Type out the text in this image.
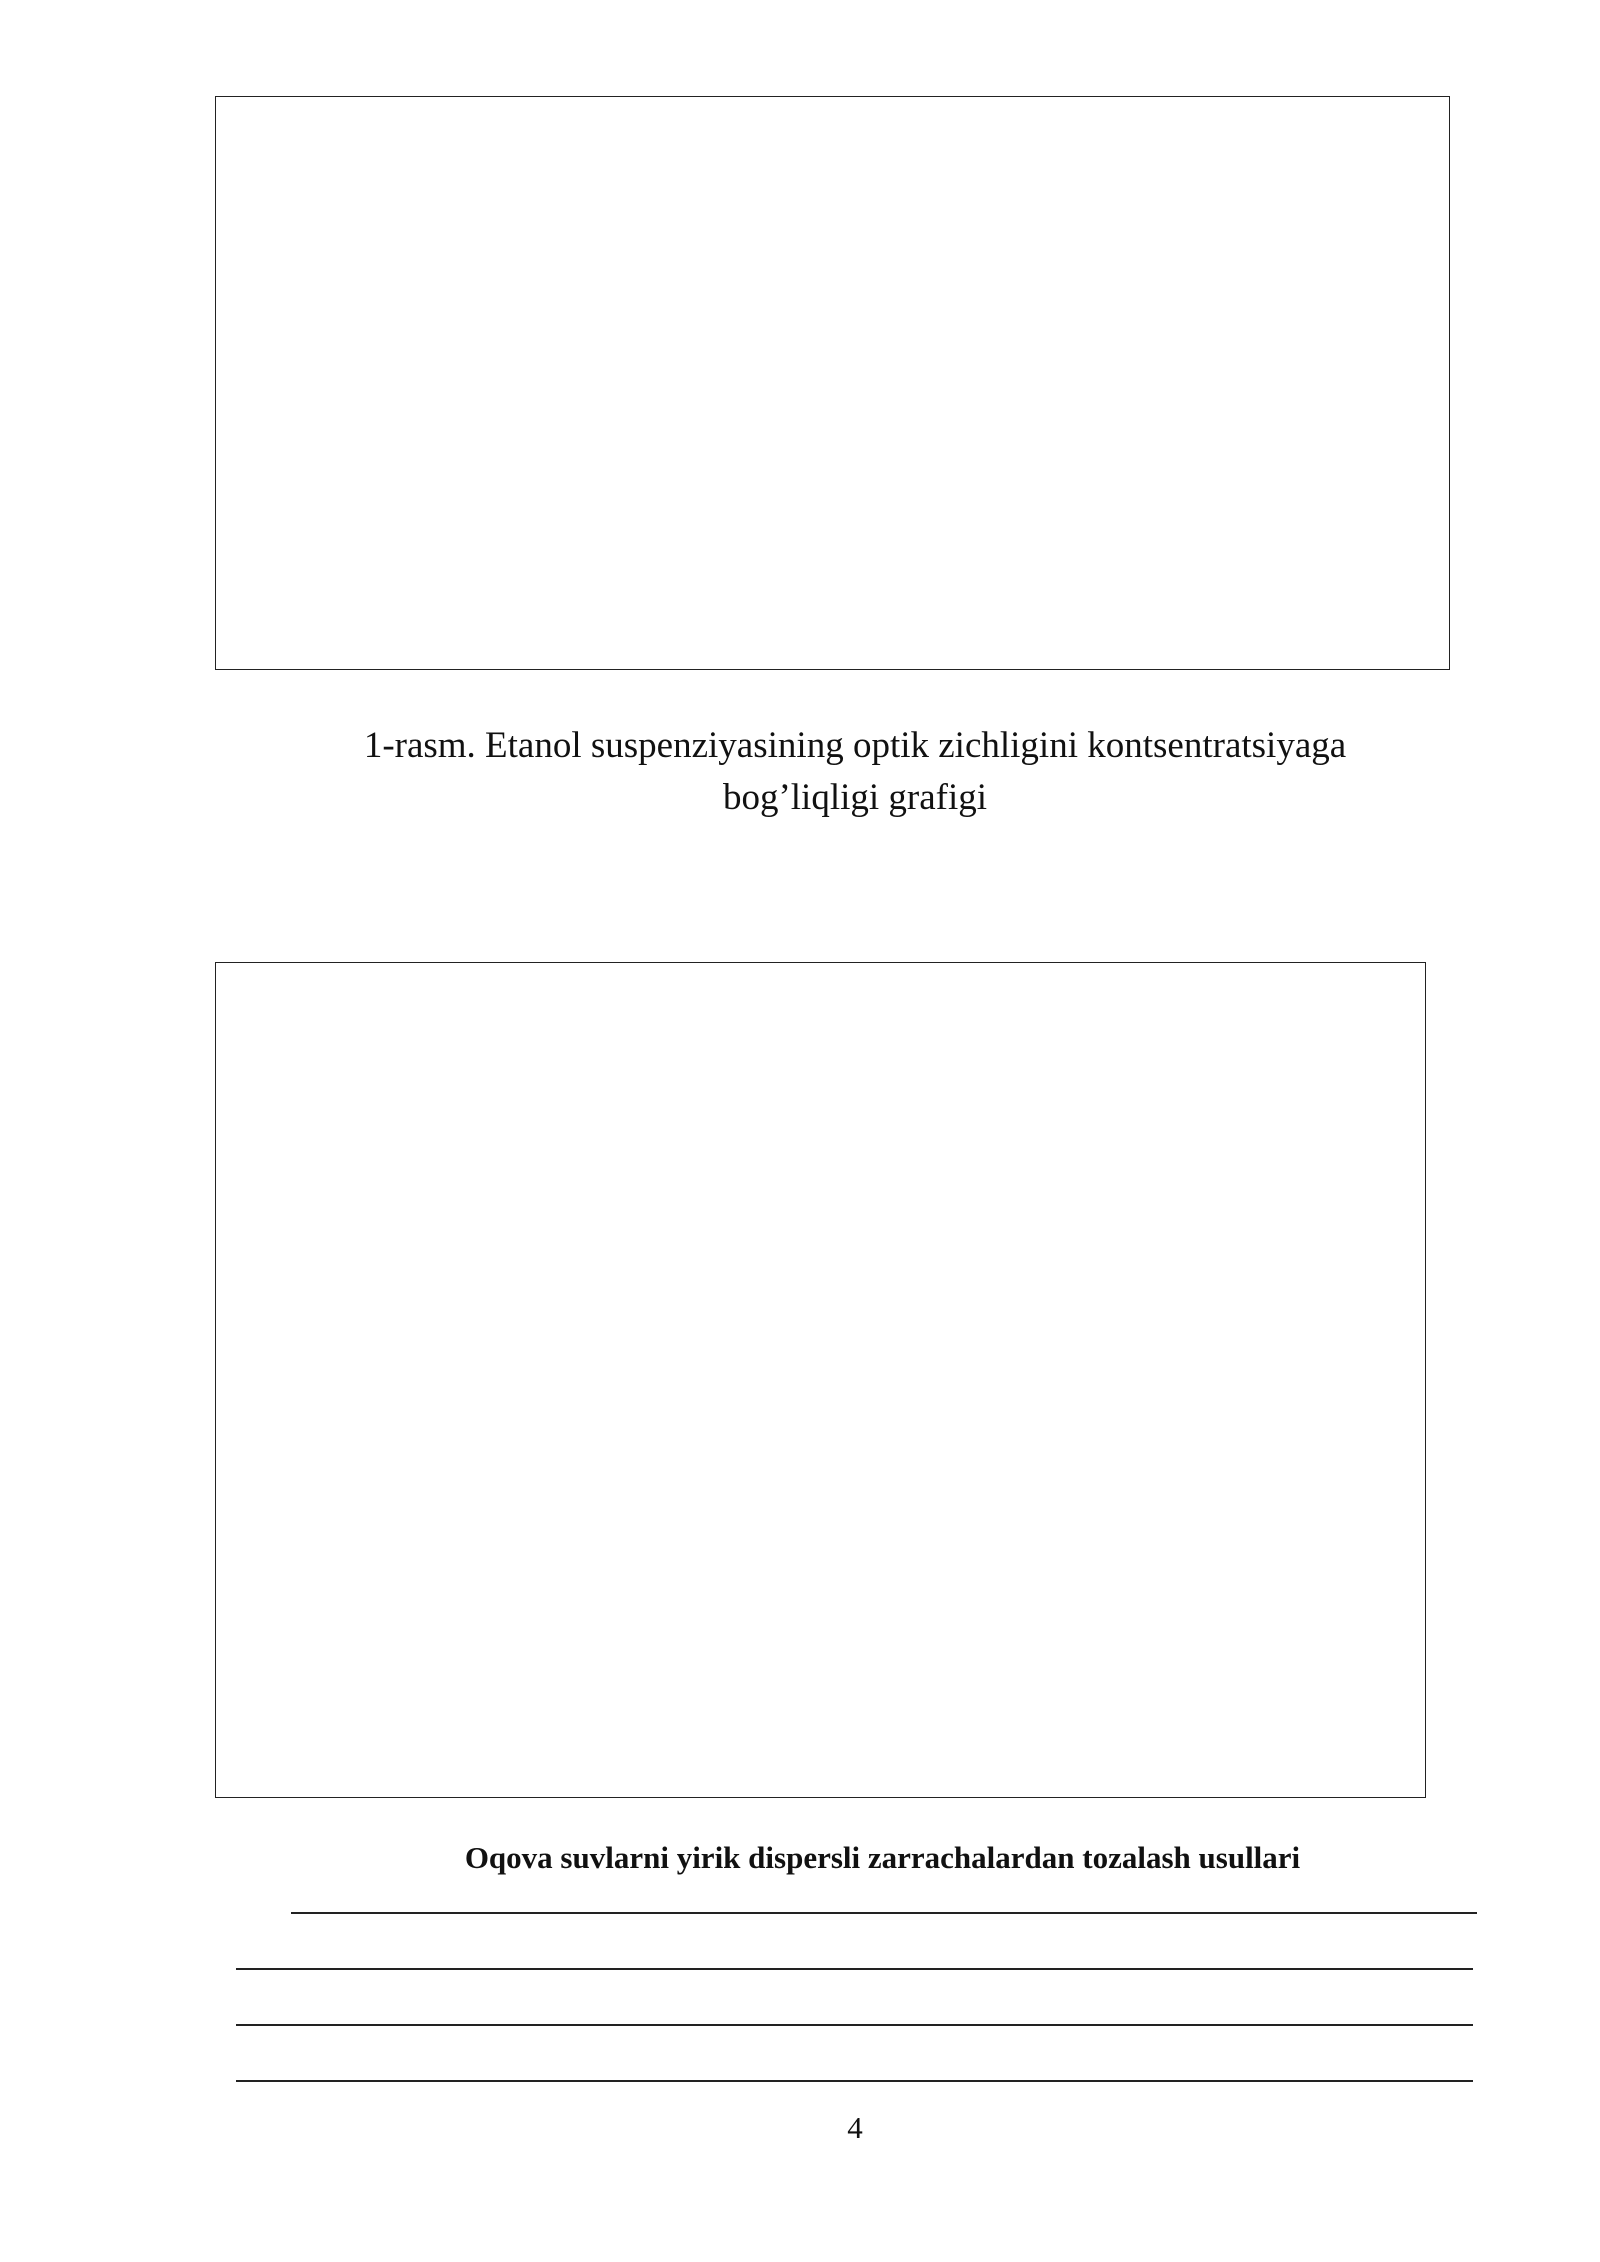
1-rasm. Etanol suspenziyasining optik zichligini kontsentratsiyaga
bog’liqligi grafigi
Oqova suvlarni yirik dispersli zarrachalardan tozalash usullari
4
